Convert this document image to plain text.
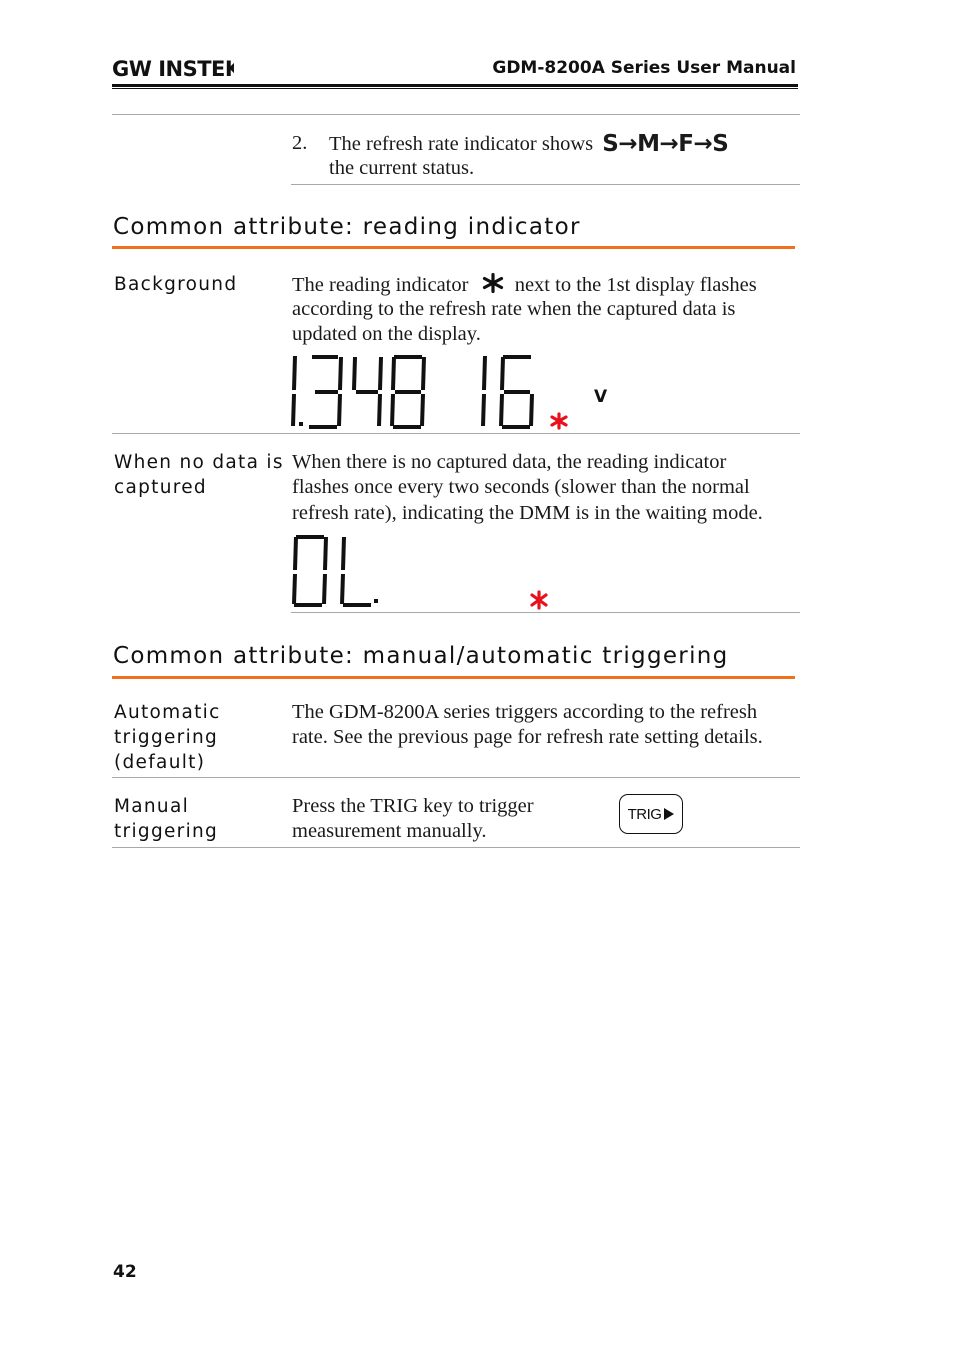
GW INSTEK	GDM-8200A Series User Manual
2. The refresh rate indicator shows S→M→F→S
the current status.
Common attribute: reading indicator
Background	The reading indicator next to the 1st display flashes
according to the refresh rate when the captured data is
updated on the display.
V
When no data is
captured
When there is no captured data, the reading indicator
flashes once every two seconds (slower than the normal
refresh rate), indicating the DMM is in the waiting mode.
Common attribute: manual/automatic triggering
Automatic
triggering
(default)
The GDM-8200A series triggers according to the refresh
rate. See the previous page for refresh rate setting details.
Manual
triggering
Press the TRIG key to trigger
measurement manually.
TRIG
42
